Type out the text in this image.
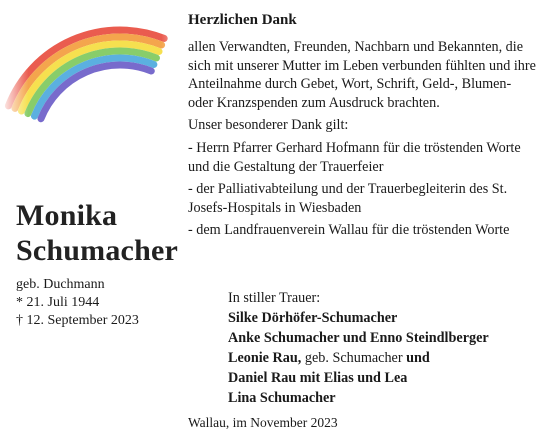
Monika
Schumacher
geb. Duchmann
* 21. Juli 1944
† 12. September 2023
Herzlichen Dank

allen Verwandten, Freunden, Nachbarn und Bekannten, die sich mit unserer Mutter im Leben verbunden fühlten und ihre Anteilnahme durch Gebet, Wort, Schrift, Geld-, Blumen- oder Kranzspenden zum Ausdruck brachten.

Unser besonderer Dank gilt:

- Herrn Pfarrer Gerhard Hofmann für die tröstenden Worte und die Gestaltung der Trauerfeier

- der Palliativabteilung und der Trauerbegleiterin des St. Josefs-Hospitals in Wiesbaden

- dem Landfrauenverein Wallau für die tröstenden Worte

In stiller Trauer:
Silke Dörhöfer-Schumacher
Anke Schumacher und Enno Steindlberger
Leonie Rau, geb. Schumacher und
Daniel Rau mit Elias und Lea
Lina Schumacher
Wallau, im November 2023
